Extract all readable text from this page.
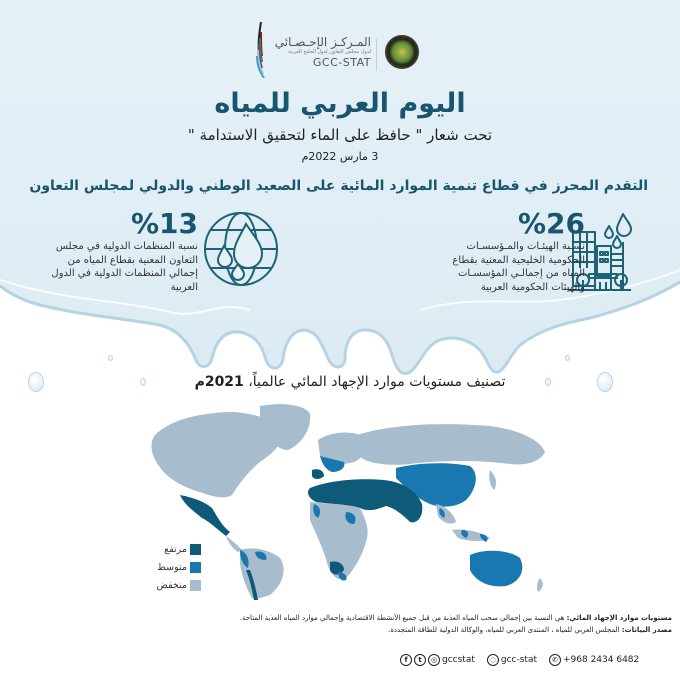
المـركـز الإحـصـائي
لدول مجلس التعاون لدول الخليج العربية
GCC-STAT
اليوم العربي للمياه
تحت شعار " حافظ على الماء لتحقيق الاستدامة "
3 مارس 2022م
التقدم المحرز في قطاع تنمية الموارد المائية على الصعيد الوطني والدولي لمجلس التعاون
%26
نسـبة الهيئـات والمـؤسسـات
الحكومية الخليجية المعنية بقطاع
المياه من إجمالـي المؤسسـات
والهيئات الحكومية العربية
%13
نسبة المنظمات الدولية في مجلس
التعاون المعنية بقطاع المياه من
إجمالي المنظمات الدولية في الدول
العربية
تصنيف مستويات موارد الإجهاد المائي عالمياً، 2021م
مرتفع
متوسط
منخفض
مستويات موارد الإجهاد المائي: هي النسبة بين إجمالي سحب المياه العذبة من قبل جميع الأنشطة الاقتصادية وإجمالي موارد المياه العذبة المتاحة.
مصدر البيانات: المجلس العربي للمياه ، المنتدى العربي للمياه، والوكالة الدولية للطاقة المتجددة.
f	t	◎ gccstat	◌ gcc-stat	✆ +968 2434 6482
